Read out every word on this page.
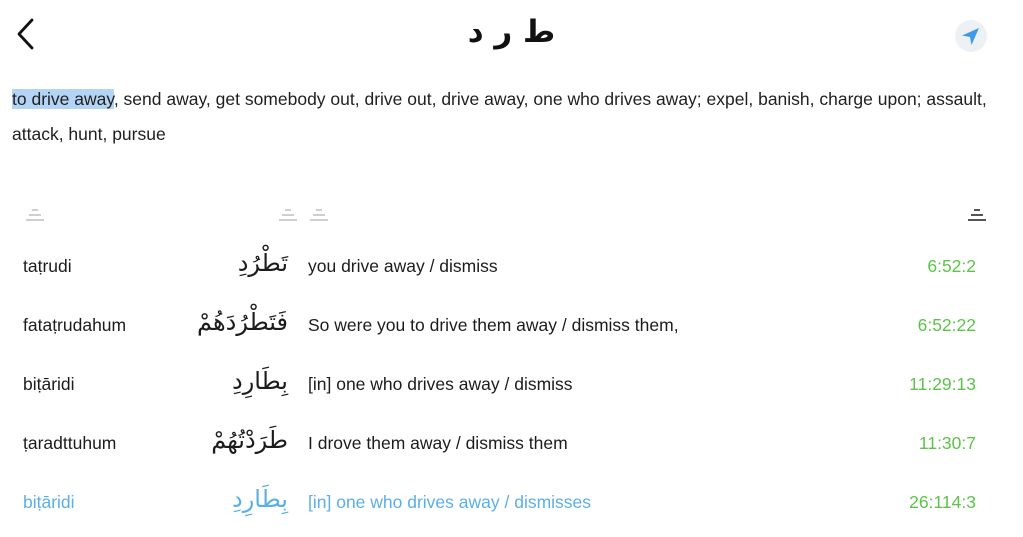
ط ر د
to drive away, send away, get somebody out, drive out, drive away, one who drives away; expel, banish, charge upon; assault, attack, hunt, pursue
taṭrudi	تَطْرُدِ you drive away / dismiss	6:52:2
fataṭrudahum	فَتَطْرُدَهُمْ So were you to drive them away / dismiss them,	6:52:22
biṭāridi	بِطَارِدِ [in] one who drives away / dismiss	11:29:13
ṭaradttuhum	طَرَدْتُهُمْ I drove them away / dismiss them	11:30:7
biṭāridi	بِطَارِدِ [in] one who drives away / dismisses	26:114:3
